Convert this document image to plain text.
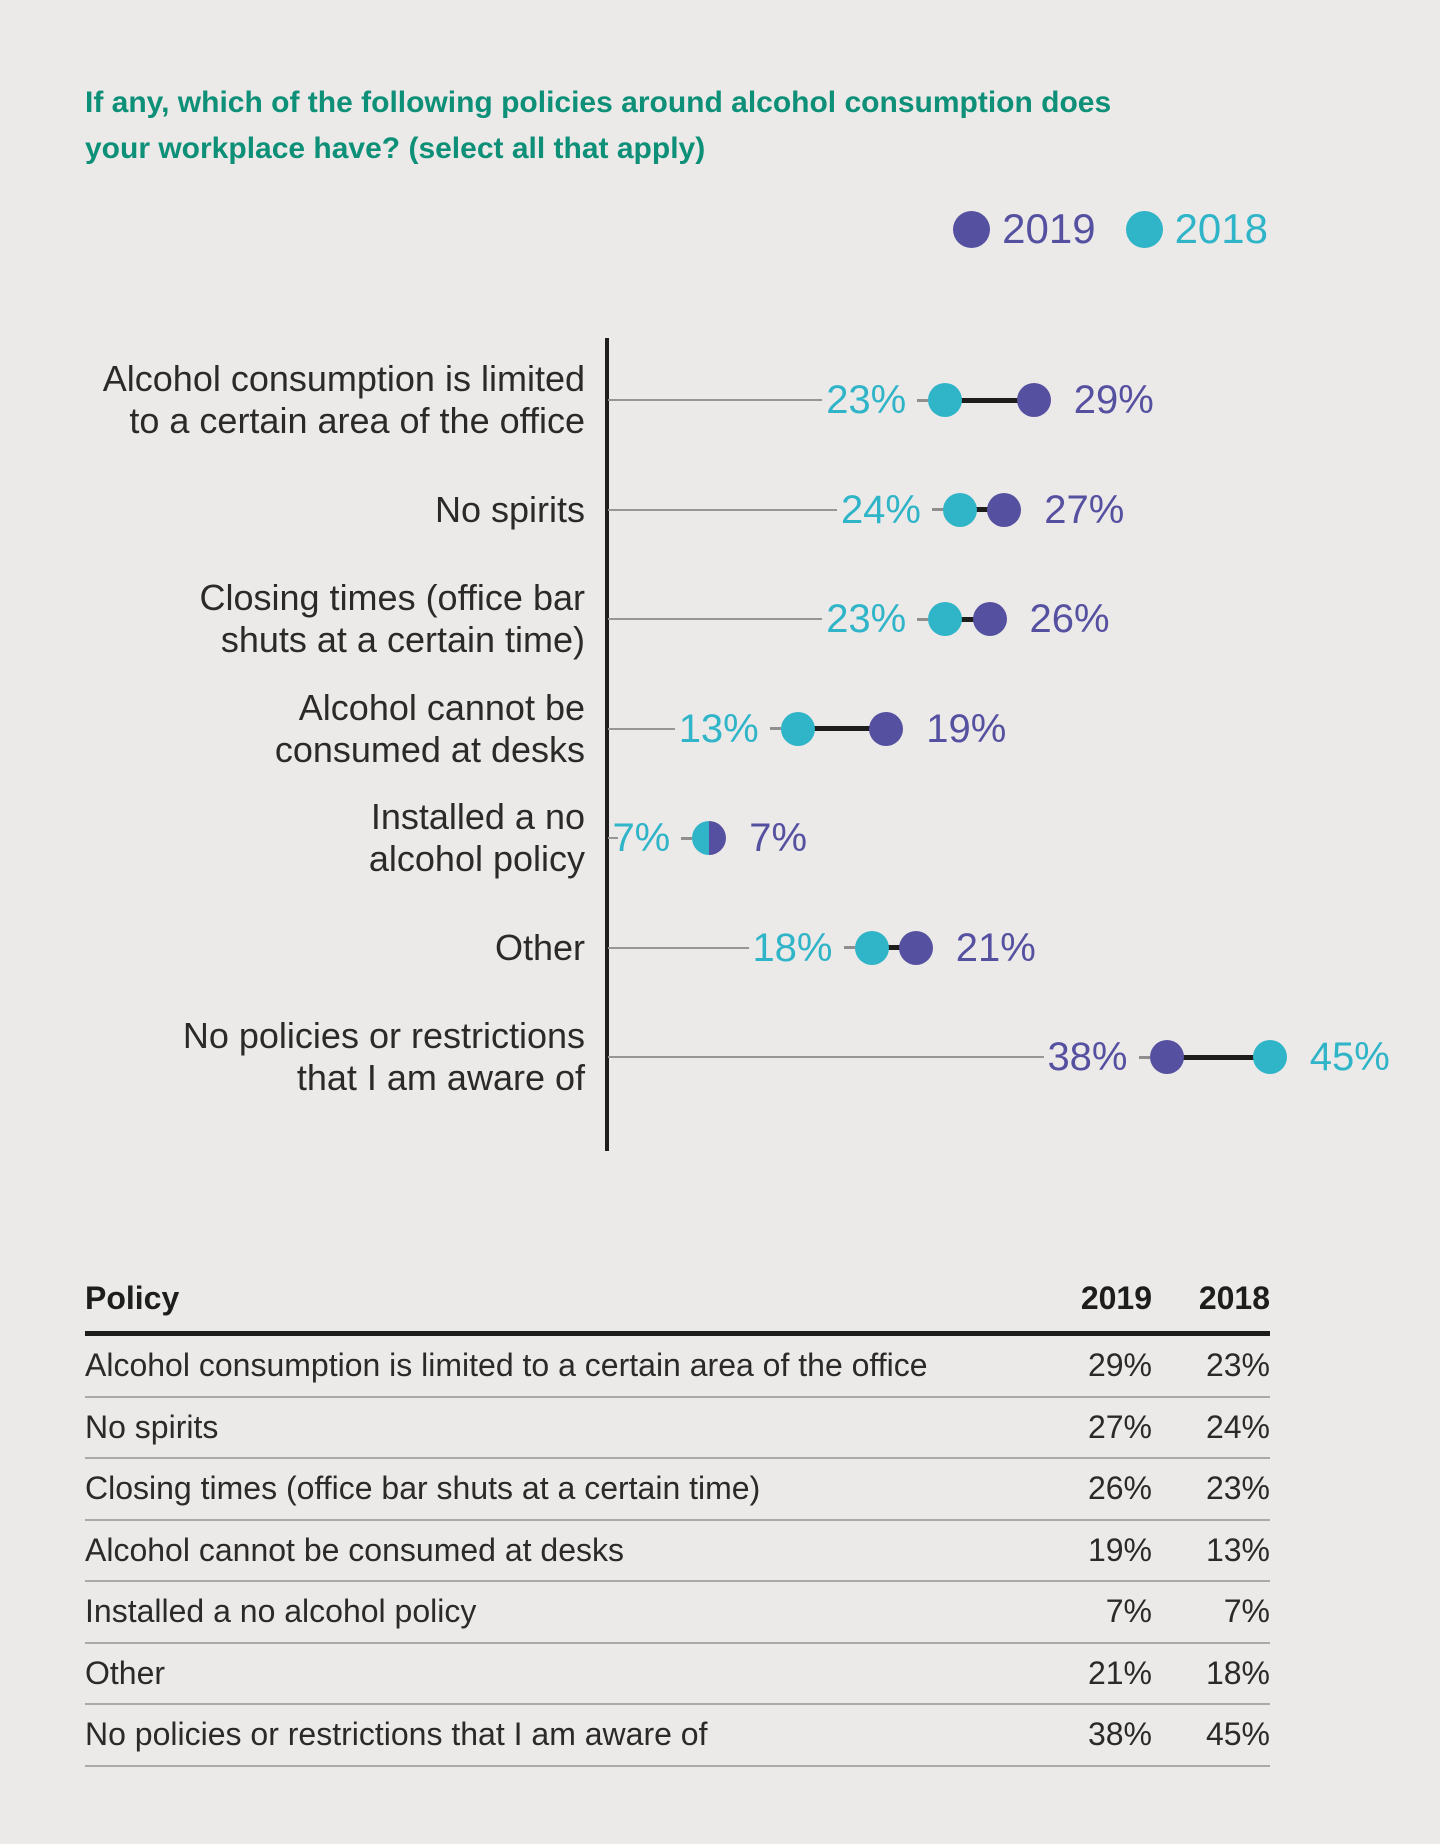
If any, which of the following policies around alcohol consumption does
your workplace have? (select all that apply)
2019 2018
Alcohol consumption is limited
to a certain area of the office	23%	29%
No spirits	24%	27%
Closing times (office bar
shuts at a certain time)	23%	26%
Alcohol cannot be
consumed at desks 13%	19%
Installed a no
alcohol policy 7% 7%
Other	18%	21%
No policies or restrictions
that I am aware of	38%	45%
Policy	2019	2018
Alcohol consumption is limited to a certain area of the office	29%	23%
No spirits	27%	24%
Closing times (office bar shuts at a certain time)	26%	23%
Alcohol cannot be consumed at desks	19%	13%
Installed a no alcohol policy	7%	7%
Other	21%	18%
No policies or restrictions that I am aware of	38%	45%
